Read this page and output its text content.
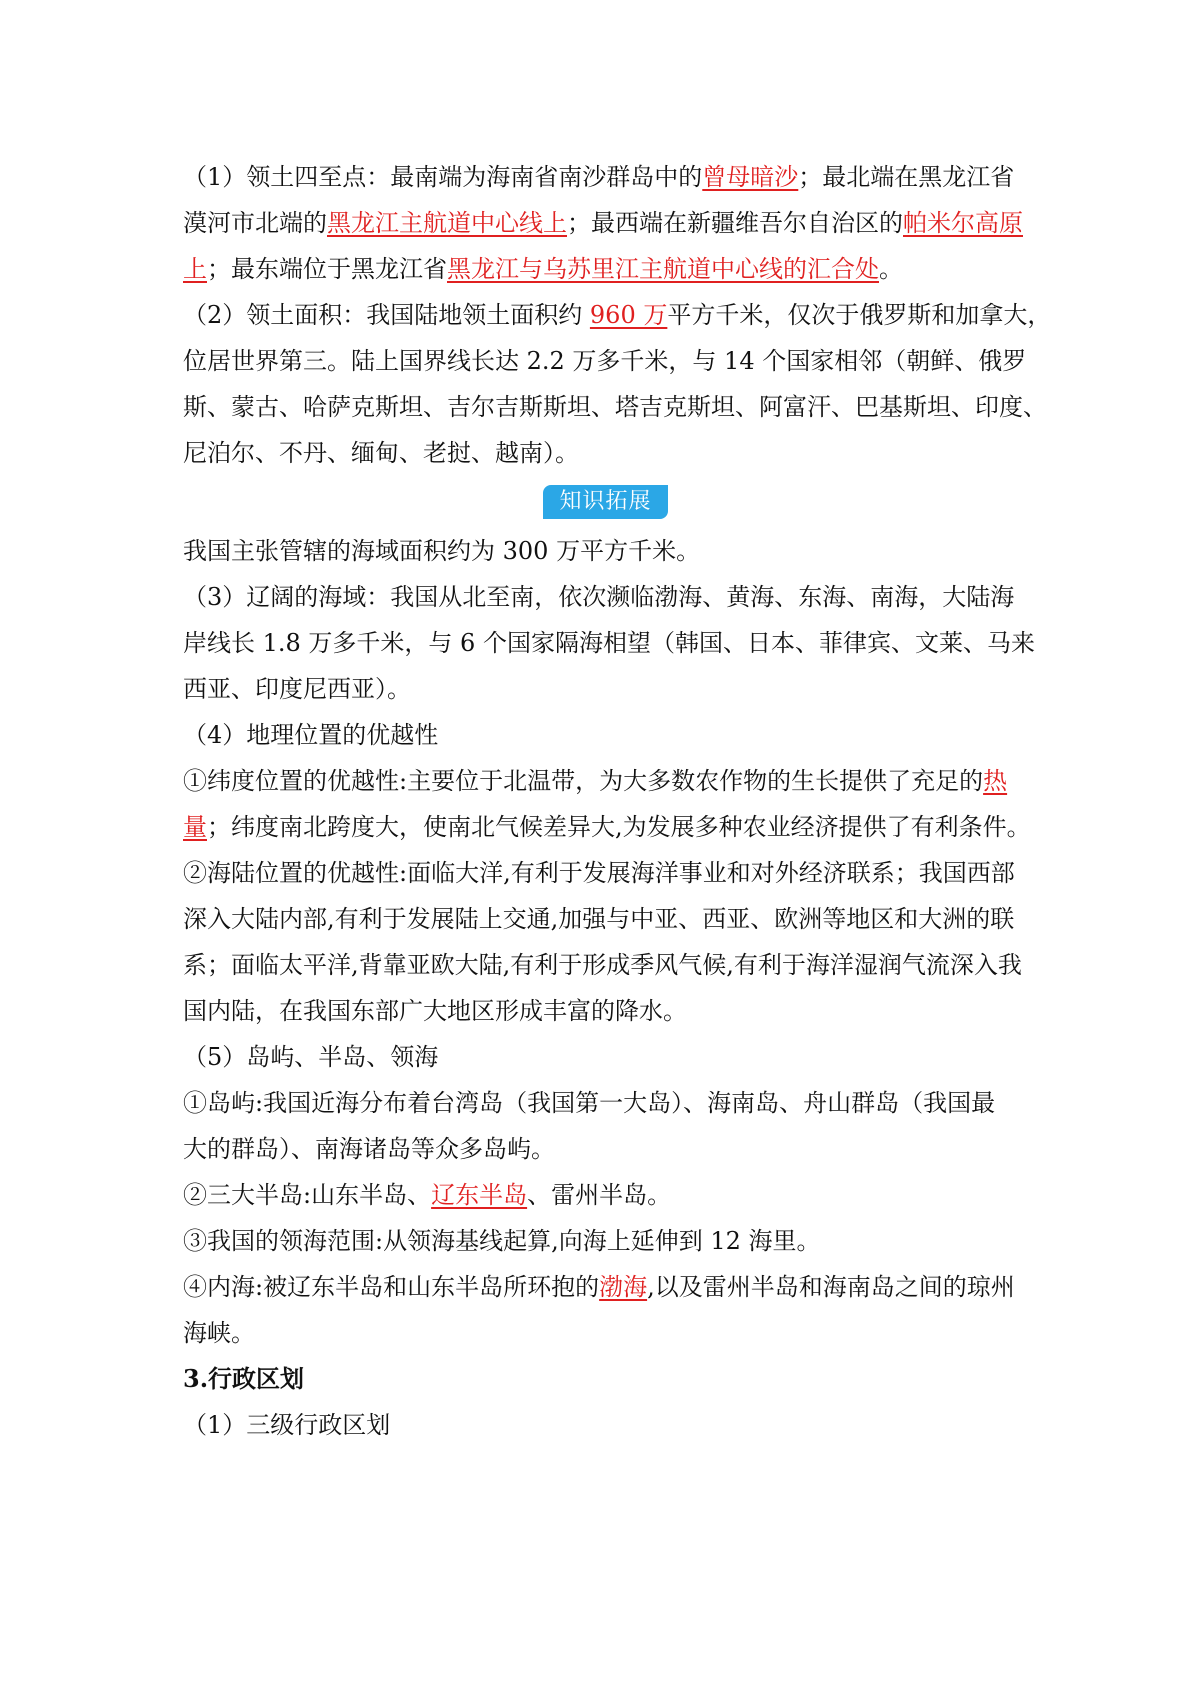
（1）领土四至点：最南端为海南省南沙群岛中的曾母暗沙；最北端在黑龙江省
漠河市北端的黑龙江主航道中心线上；最西端在新疆维吾尔自治区的帕米尔高原
上；最东端位于黑龙江省黑龙江与乌苏里江主航道中心线的汇合处。
（2）领土面积：我国陆地领土面积约 960 万平方千米，仅次于俄罗斯和加拿大，
位居世界第三。陆上国界线长达 2.2 万多千米，与 14 个国家相邻（朝鲜、俄罗
斯、蒙古、哈萨克斯坦、吉尔吉斯斯坦、塔吉克斯坦、阿富汗、巴基斯坦、印度、
尼泊尔、不丹、缅甸、老挝、越南）。
知识拓展
我国主张管辖的海域面积约为 300 万平方千米。
（3）辽阔的海域：我国从北至南，依次濒临渤海、黄海、东海、南海，大陆海
岸线长 1.8 万多千米，与 6 个国家隔海相望（韩国、日本、菲律宾、文莱、马来
西亚、印度尼西亚）。
（4）地理位置的优越性
①纬度位置的优越性:主要位于北温带，为大多数农作物的生长提供了充足的热
量；纬度南北跨度大，使南北气候差异大,为发展多种农业经济提供了有利条件。
②海陆位置的优越性:面临大洋,有利于发展海洋事业和对外经济联系；我国西部
深入大陆内部,有利于发展陆上交通,加强与中亚、西亚、欧洲等地区和大洲的联
系；面临太平洋,背靠亚欧大陆,有利于形成季风气候,有利于海洋湿润气流深入我
国内陆，在我国东部广大地区形成丰富的降水。
（5）岛屿、半岛、领海
①岛屿:我国近海分布着台湾岛（我国第一大岛）、海南岛、舟山群岛（我国最
大的群岛）、南海诸岛等众多岛屿。
②三大半岛:山东半岛、辽东半岛、雷州半岛。
③我国的领海范围:从领海基线起算,向海上延伸到 12 海里。
④内海:被辽东半岛和山东半岛所环抱的渤海,以及雷州半岛和海南岛之间的琼州
海峡。
3.行政区划
（1）三级行政区划
